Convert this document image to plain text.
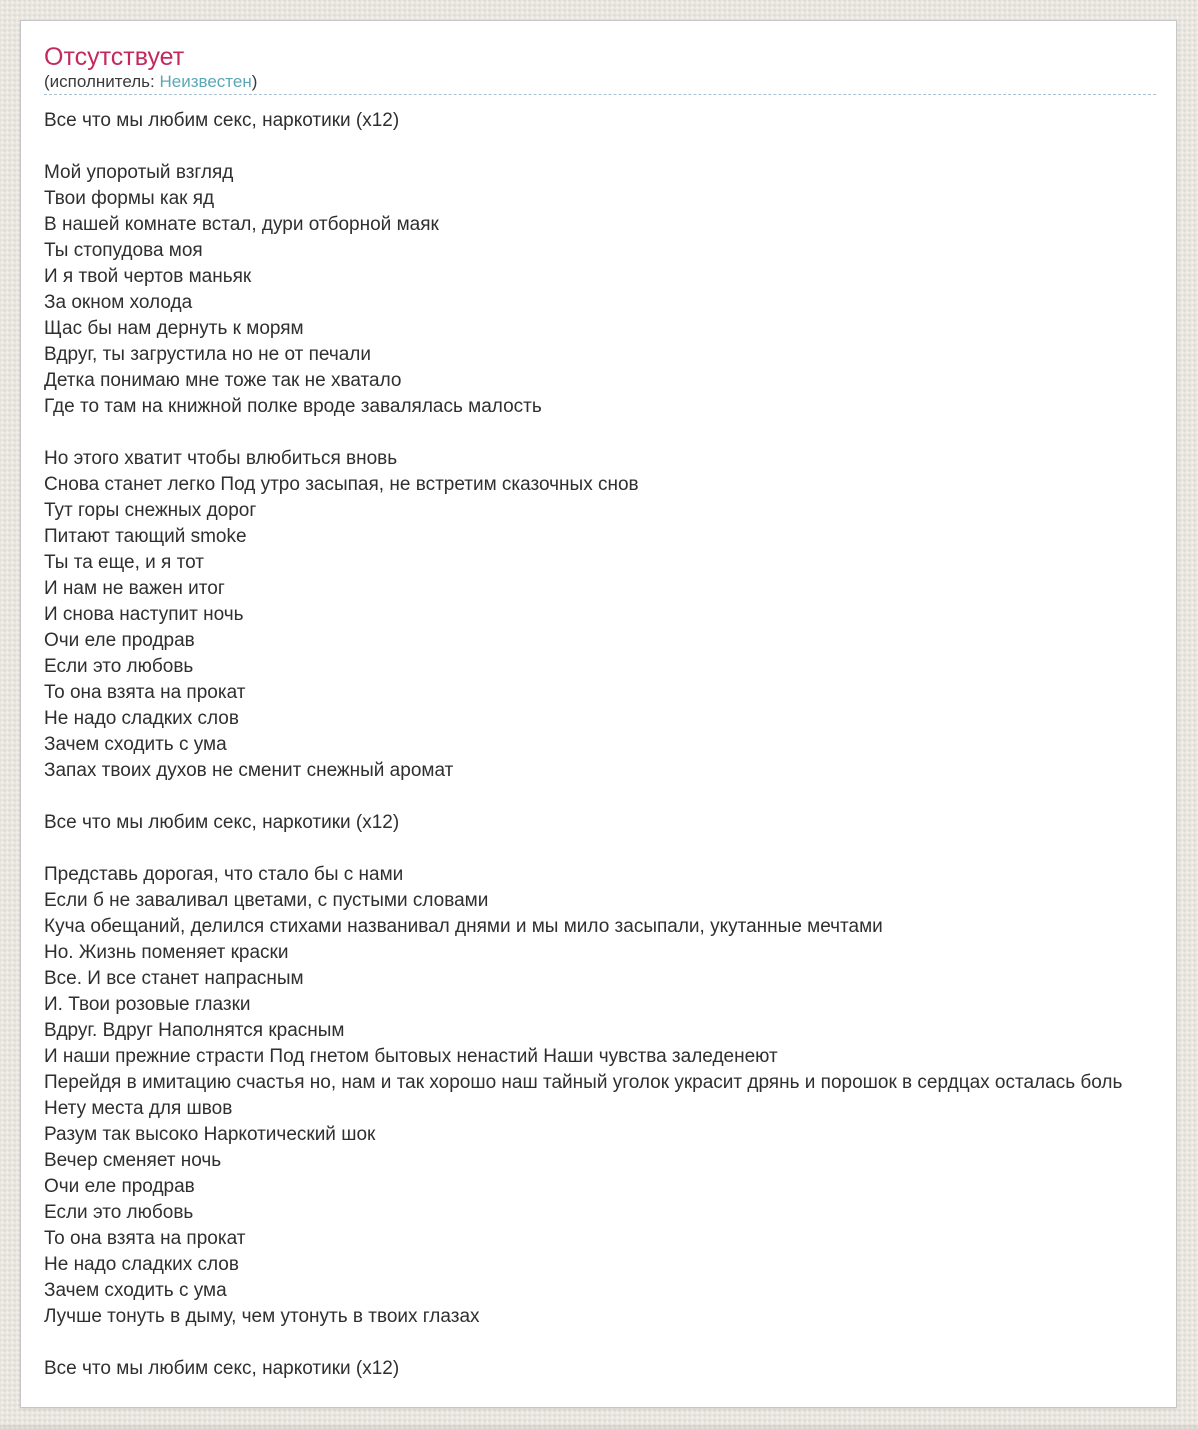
Отсутствует
(исполнитель: Неизвестен)
Все что мы любим секс, наркотики (х12)

Мой упоротый взгляд
Твои формы как яд
В нашей комнате встал, дури отборной маяк
Ты стопудова моя
И я твой чертов маньяк
За окном холода
Щас бы нам дернуть к морям
Вдруг, ты загрустила но не от печали
Детка понимаю мне тоже так не хватало
Где то там на книжной полке вроде завалялась малость

Но этого хватит чтобы влюбиться вновь
Снова станет легко Под утро засыпая, не встретим сказочных снов
Тут горы снежных дорог
Питают тающий smoke
Ты та еще, и я тот
И нам не важен итог
И снова наступит ночь
Очи еле продрав
Если это любовь
То она взята на прокат
Не надо сладких слов
Зачем сходить с ума
Запах твоих духов не сменит снежный аромат

Все что мы любим секс, наркотики (х12)

Представь дорогая, что стало бы с нами
Если б не заваливал цветами, с пустыми словами
Куча обещаний, делился стихами названивал днями и мы мило засыпали, укутанные мечтами
Но. Жизнь поменяет краски
Все. И все станет напрасным
И. Твои розовые глазки
Вдруг. Вдруг Наполнятся красным
И наши прежние страсти Под гнетом бытовых ненастий Наши чувства заледенеют
Перейдя в имитацию счастья но, нам и так хорошо наш тайный уголок украсит дрянь и порошок в сердцах осталась боль
Нету места для швов
Разум так высоко Наркотический шок
Вечер сменяет ночь
Очи еле продрав
Если это любовь
То она взята на прокат
Не надо сладких слов
Зачем сходить с ума
Лучше тонуть в дыму, чем утонуть в твоих глазах

Все что мы любим секс, наркотики (х12)
